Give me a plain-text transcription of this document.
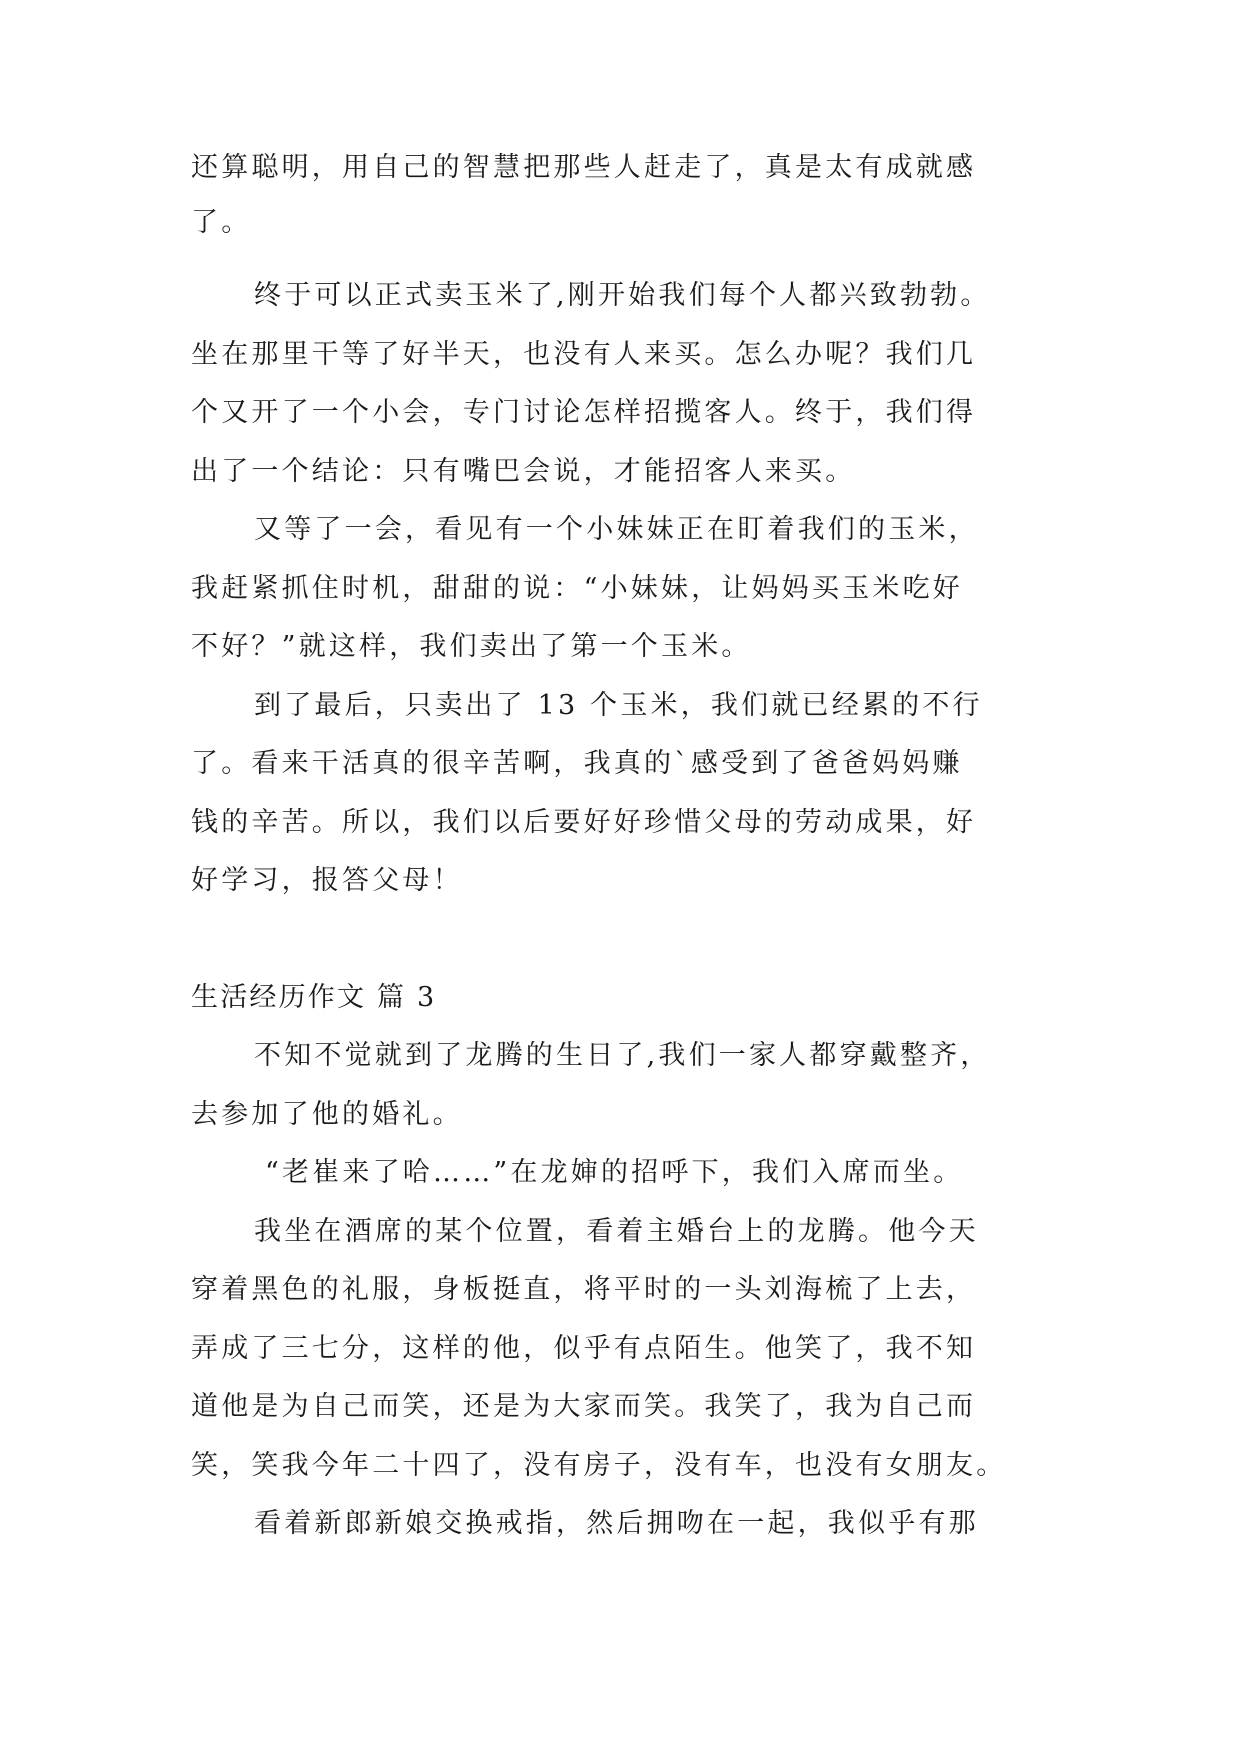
还算聪明，用自己的智慧把那些人赶走了，真是太有成就感

了。

终于可以正式卖玉米了,刚开始我们每个人都兴致勃勃。

坐在那里干等了好半天，也没有人来买。怎么办呢？我们几

个又开了一个小会，专门讨论怎样招揽客人。终于，我们得

出了一个结论：只有嘴巴会说，才能招客人来买。

又等了一会，看见有一个小妹妹正在盯着我们的玉米，

我赶紧抓住时机，甜甜的说：“小妹妹，让妈妈买玉米吃好

不好？”就这样，我们卖出了第一个玉米。

到了最后，只卖出了 13 个玉米，我们就已经累的不行

了。看来干活真的很辛苦啊，我真的`感受到了爸爸妈妈赚

钱的辛苦。所以，我们以后要好好珍惜父母的劳动成果，好

好学习，报答父母！

生活经历作文 篇 3

不知不觉就到了龙腾的生日了,我们一家人都穿戴整齐，

去参加了他的婚礼。

“老崔来了哈……”在龙婶的招呼下，我们入席而坐。

我坐在酒席的某个位置，看着主婚台上的龙腾。他今天

穿着黑色的礼服，身板挺直，将平时的一头刘海梳了上去，

弄成了三七分，这样的他，似乎有点陌生。他笑了，我不知

道他是为自己而笑，还是为大家而笑。我笑了，我为自己而

笑，笑我今年二十四了，没有房子，没有车，也没有女朋友。

看着新郎新娘交换戒指，然后拥吻在一起，我似乎有那
